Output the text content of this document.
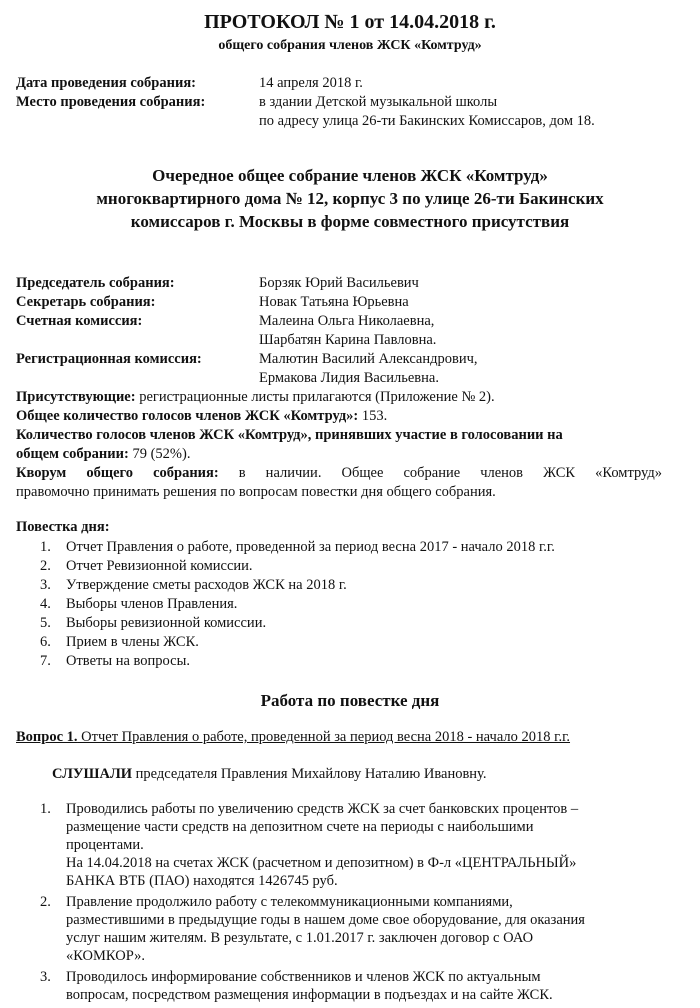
ПРОТОКОЛ № 1 от 14.04.2018 г.
общего собрания членов ЖСК «Комтруд»
Дата проведения собрания:	14 апреля 2018 г.
Место проведения собрания:	в здании Детской музыкальной школы
по адресу улица 26-ти Бакинских Комиссаров, дом 18.
Очередное общее собрание членов ЖСК «Комтруд»
многоквартирного дома № 12, корпус 3 по улице 26-ти Бакинских
комиссаров г. Москвы в форме совместного присутствия
Председатель собрания:	Борзяк Юрий Васильевич
Секретарь собрания:	Новак Татьяна Юрьевна
Счетная комиссия:	Малеина Ольга Николаевна,
Шарбатян Карина Павловна.
Регистрационная комиссия:	Малютин Василий Александрович,
Ермакова Лидия Васильевна.
Присутствующие: регистрационные листы прилагаются (Приложение № 2).
Общее количество голосов членов ЖСК «Комтруд»: 153.
Количество голосов членов ЖСК «Комтруд», принявших участие в голосовании на
общем собрании: 79 (52%).
Кворум общего собрания: в наличии. Общее собрание членов ЖСК «Комтруд»
правомочно принимать решения по вопросам повестки дня общего собрания.
Повестка дня:
1. Отчет Правления о работе, проведенной за период весна 2017 - начало 2018 г.г.
2. Отчет Ревизионной комиссии.
3. Утверждение сметы расходов ЖСК на 2018 г.
4. Выборы членов Правления.
5. Выборы ревизионной комиссии.
6. Прием в члены ЖСК.
7. Ответы на вопросы.
Работа по повестке дня
Вопрос 1. Отчет Правления о работе, проведенной за период весна 2018 - начало 2018 г.г.
СЛУШАЛИ председателя Правления Михайлову Наталию Ивановну.
1. Проводились работы по увеличению средств ЖСК за счет банковских процентов –
размещение части средств на депозитном счете на периоды с наибольшими
процентами.
На 14.04.2018 на счетах ЖСК (расчетном и депозитном) в Ф-л «ЦЕНТРАЛЬНЫЙ»
БАНКА ВТБ (ПАО) находятся 1426745 руб.
2. Правление продолжило работу с телекоммуникационными компаниями,
разместившими в предыдущие годы в нашем доме свое оборудование, для оказания
услуг нашим жителям. В результате, с 1.01.2017 г. заключен договор с ОАО
«КОМКОР».
3. Проводилось информирование собственников и членов ЖСК по актуальным
вопросам, посредством размещения информации в подъездах и на сайте ЖСК.
